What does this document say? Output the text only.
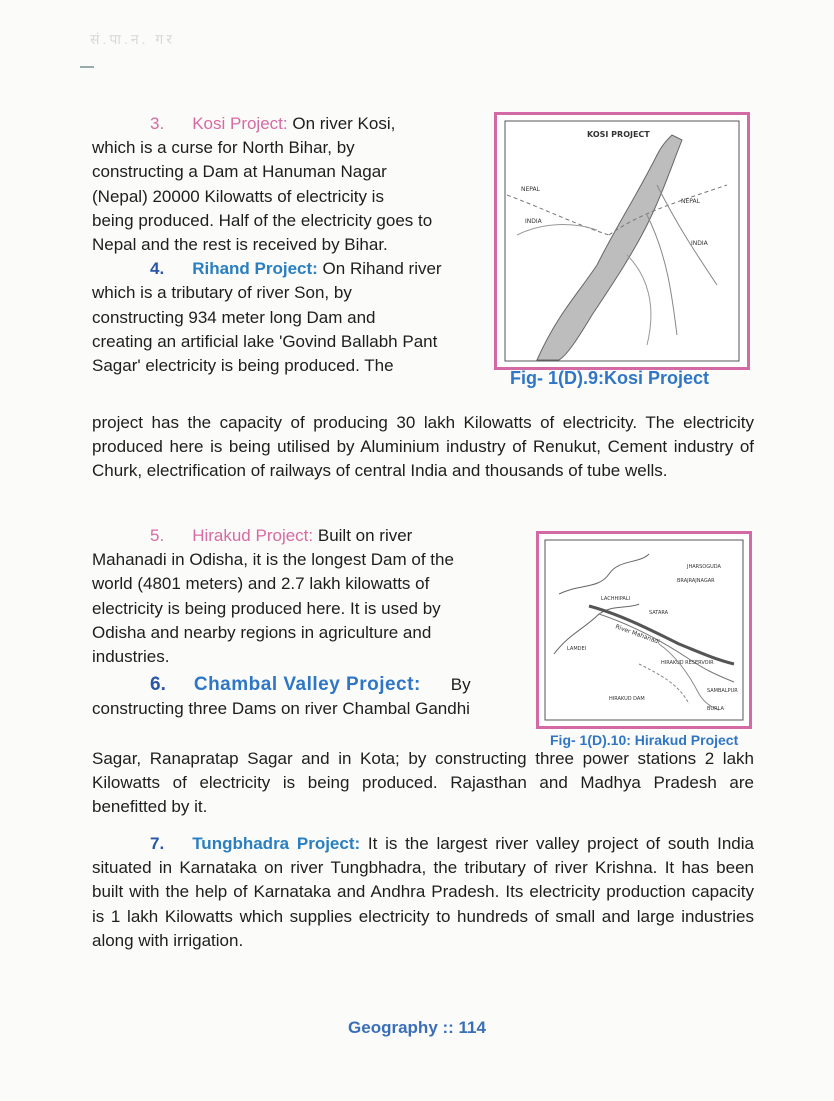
सं.पा.न. गर

3. Kosi Project: On river Kosi,

which is a curse for North Bihar, by

constructing a Dam at Hanuman Nagar

(Nepal) 20000 Kilowatts of electricity is

being produced. Half of the electricity goes to

Nepal and the rest is received by Bihar.

4. Rihand Project: On Rihand river

which is a tributary of river Son, by

constructing 934 meter long Dam and

creating an artificial lake 'Govind Ballabh Pant

Sagar' electricity is being produced. The

project has the capacity of producing 30 lakh Kilowatts of electricity. The electricity produced here is being utilised by Aluminium industry of Renukut, Cement industry of Churk, electrification of railways of central India and thousands of tube wells.

KOSI PROJECT
NEPAL
INDIA
NEPAL
INDIA
Fig- 1(D).9:Kosi Project

5. Hirakud Project: Built on river

Mahanadi in Odisha, it is the longest Dam of the

world (4801 meters) and 2.7 lakh kilowatts of

electricity is being produced here. It is used by

Odisha and nearby regions in agriculture and

industries.

6. Chambal Valley Project: By

constructing three Dams on river Chambal Gandhi

JHARSOGUDA
BRAJRAJNAGAR
LACHHIPALI
SATARA
River Mahanadi
LAMDEI
HIRAKUD RESERVOIR
SAMBALPUR
HIRAKUD DAM
BURLA
Fig- 1(D).10: Hirakud Project

Sagar, Ranapratap Sagar and in Kota; by constructing three power stations 2 lakh Kilowatts of electricity is being produced. Rajasthan and Madhya Pradesh are benefitted by it.

7. Tungbhadra Project: It is the largest river valley project of south India situated in Karnataka on river Tungbhadra, the tributary of river Krishna. It has been built with the help of Karnataka and Andhra Pradesh. Its electricity production capacity is 1 lakh Kilowatts which supplies electricity to hundreds of small and large industries along with irrigation.

Geography :: 114
